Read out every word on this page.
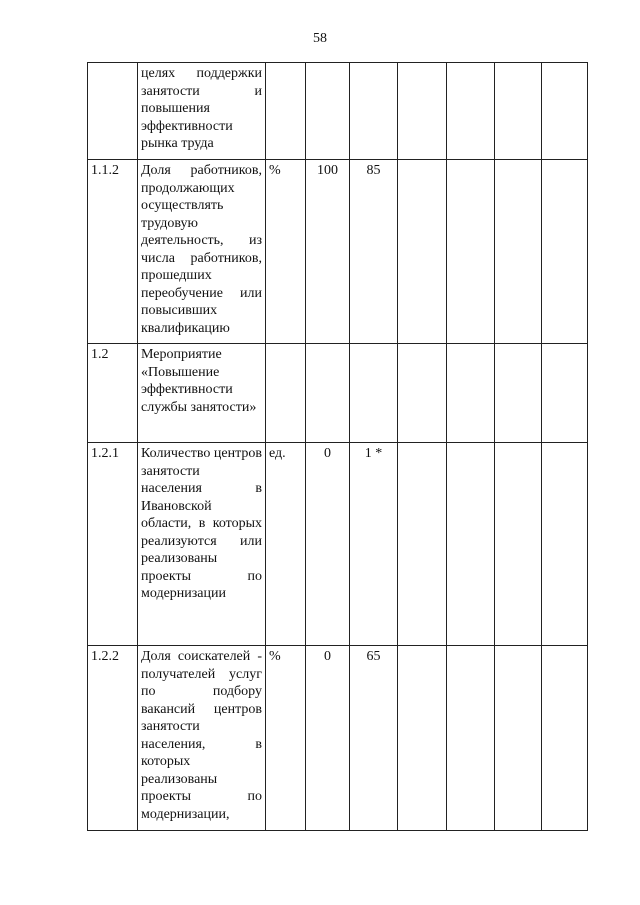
58
	целях поддержки занятости и повышения эффективности рынка труда							
1.1.2	Доля работников, продолжающих осуществлять трудовую деятельность, из числа работников, прошедших переобучение или повысивших квалификацию	%	100	85				
1.2	Мероприятие «Повышение эффективности службы занятости»							
1.2.1	Количество центров занятости населения в Ивановской области, в которых реализуются или реализованы проекты по модернизации	ед.	0	1 *				
1.2.2	Доля соискателей - получателей услуг по подбору вакансий центров занятости населения, в которых реализованы проекты по модернизации,	%	0	65				
